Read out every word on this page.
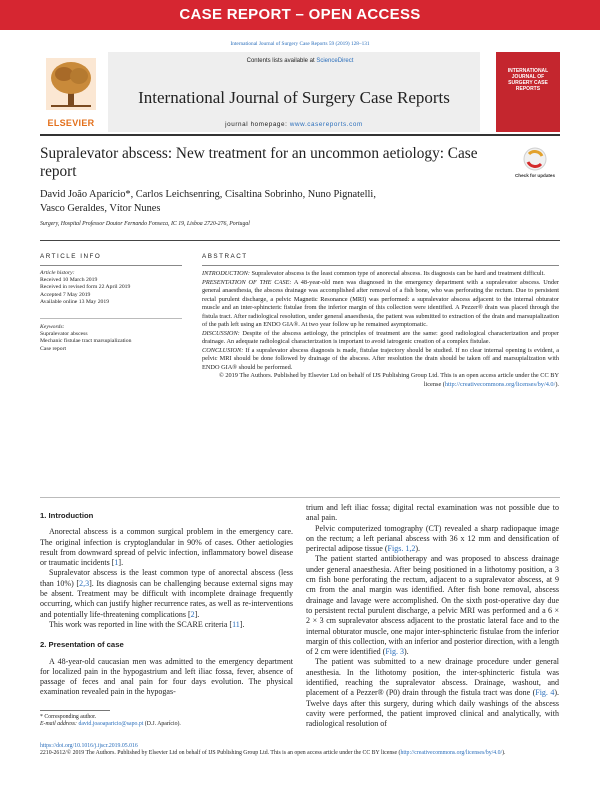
CASE REPORT – OPEN ACCESS
International Journal of Surgery Case Reports 59 (2019) 128–131
Contents lists available at ScienceDirect
International Journal of Surgery Case Reports
journal homepage: www.casereports.com
ELSEVIER
INTERNATIONAL JOURNAL OF SURGERY CASE REPORTS
Supralevator abscess: New treatment for an uncommon aetiology: Case report	Check for updates
David João Aparício*, Carlos Leichsenring, Cisaltina Sobrinho, Nuno Pignatelli,
Vasco Geraldes, Vítor Nunes
Surgery, Hospital Professor Doutor Fernando Fonseca, IC 19, Lisboa 2720-276, Portugal
ARTICLE INFO	ABSTRACT
Article history:
Received 10 March 2019
Received in revised form 22 April 2019
Accepted 7 May 2019
Available online 13 May 2019
Keywords:
Supralevator abscess
Mechanic fistulae tract marsupialization
Case report

INTRODUCTION: Supralevator abscess is the least common type of anorectal abscess. Its diagnosis can be hard and treatment difficult.

PRESENTATION OF THE CASE: A 48-year-old men was diagnosed in the emergency department with a supralevator abscess. Under general anaesthesia, the abscess drainage was accomplished after removal of a fish bone, who was perforating the rectum. Due to persistent rectal purulent discharge, a pelvic Magnetic Resonance (MRI) was performed: a supralevator abscess adjacent to the internal obturator muscle and an inter-sphincteric fistulae from the inferior margin of this collection were identified. A Pezzer® drain was placed through the fistula tract. After radiological resolution, under general anaesthesia, the patient was submitted to extraction of the drain and marsupialization of the path left using an ENDO GIA®. At two year follow up he remained asymptomatic.

DISCUSSION: Despite of the abscess aetiology, the principles of treatment are the same: good radiological characterization and proper drainage. An adequate radiological characterization is important to avoid iatrogenic creation of a complex fistulae.

CONCLUSION: If a supralevator abscess diagnosis is made, fistulae trajectory should be studied. If no clear internal opening is evident, a pelvic MRI should be done followed by drainage of the abscess. After resolution the drain should be taken off and marsupialization with ENDO GIA® should be performed.

© 2019 The Authors. Published by Elsevier Ltd on behalf of IJS Publishing Group Ltd. This is an open access article under the CC BY license (http://creativecommons.org/licenses/by/4.0/).

1. Introduction

Anorectal abscess is a common surgical problem in the emergency care. The original infection is cryptoglandular in 90% of cases. Other aetiologies result from downward spread of pelvic infection, inflammatory bowel disease or traumatic incidents [1].

Supralevator abscess is the least common type of anorectal abscess (less than 10%) [2,3]. Its diagnosis can be challenging because external signs may be absent. Treatment may be difficult with incomplete drainage frequently occurring, which can justify higher recurrence rates, as well as re-interventions and potentially life-threatening complications [2].

This work was reported in line with the SCARE criteria [11].

2. Presentation of case

A 48-year-old caucasian men was admitted to the emergency department for localized pain in the hypogastrium and left iliac fossa, fever, absence of passage of feces and anal pain for four days evolution. The physical examination revealed pain in the hypogas-

trium and left iliac fossa; digital rectal examination was not possible due to anal pain.

Pelvic computerized tomography (CT) revealed a sharp radiopaque image on the rectum; a left perianal abscess with 36 x 12 mm and densification of perirectal adipose tissue (Figs. 1,2).

The patient started antibiotherapy and was proposed to abscess drainage under general anaesthesia. After being positioned in a lithotomy position, a 3 cm fish bone perforating the rectum, adjacent to a supralevator abscess, at 9 cm from the anal margin was identified. After fish bone removal, abscess drainage and lavage were accomplished. On the sixth post-operative day due to persistent rectal purulent discharge, a pelvic MRI was performed and a 6 × 2 × 3 cm supralevator abscess adjacent to the prostatic lateral face and to the internal obturator muscle, one major inter-sphincteric fistulae from the inferior margin of this collection, with an inferior and posterior direction, with a length of 2 cm were identified (Fig. 3).

The patient was submitted to a new drainage procedure under general anesthesia. In the lithotomy position, the inter-sphincteric fistula was identified, reaching the supralevator abscess. Drainage, washout, and placement of a Pezzer® (P0) drain through the fistula tract was done (Fig. 4). Twelve days after this surgery, during which daily washings of the abscess cavity were performed, the patient improved clinical and analytically, with radiological resolution of

* Corresponding author.

E-mail address: david.joaoaparicio@sapo.pt (D.J. Aparício).

https://doi.org/10.1016/j.ijscr.2019.05.016

2210-2612/© 2019 The Authors. Published by Elsevier Ltd on behalf of IJS Publishing Group Ltd. This is an open access article under the CC BY license (http://creativecommons.org/licenses/by/4.0/).
